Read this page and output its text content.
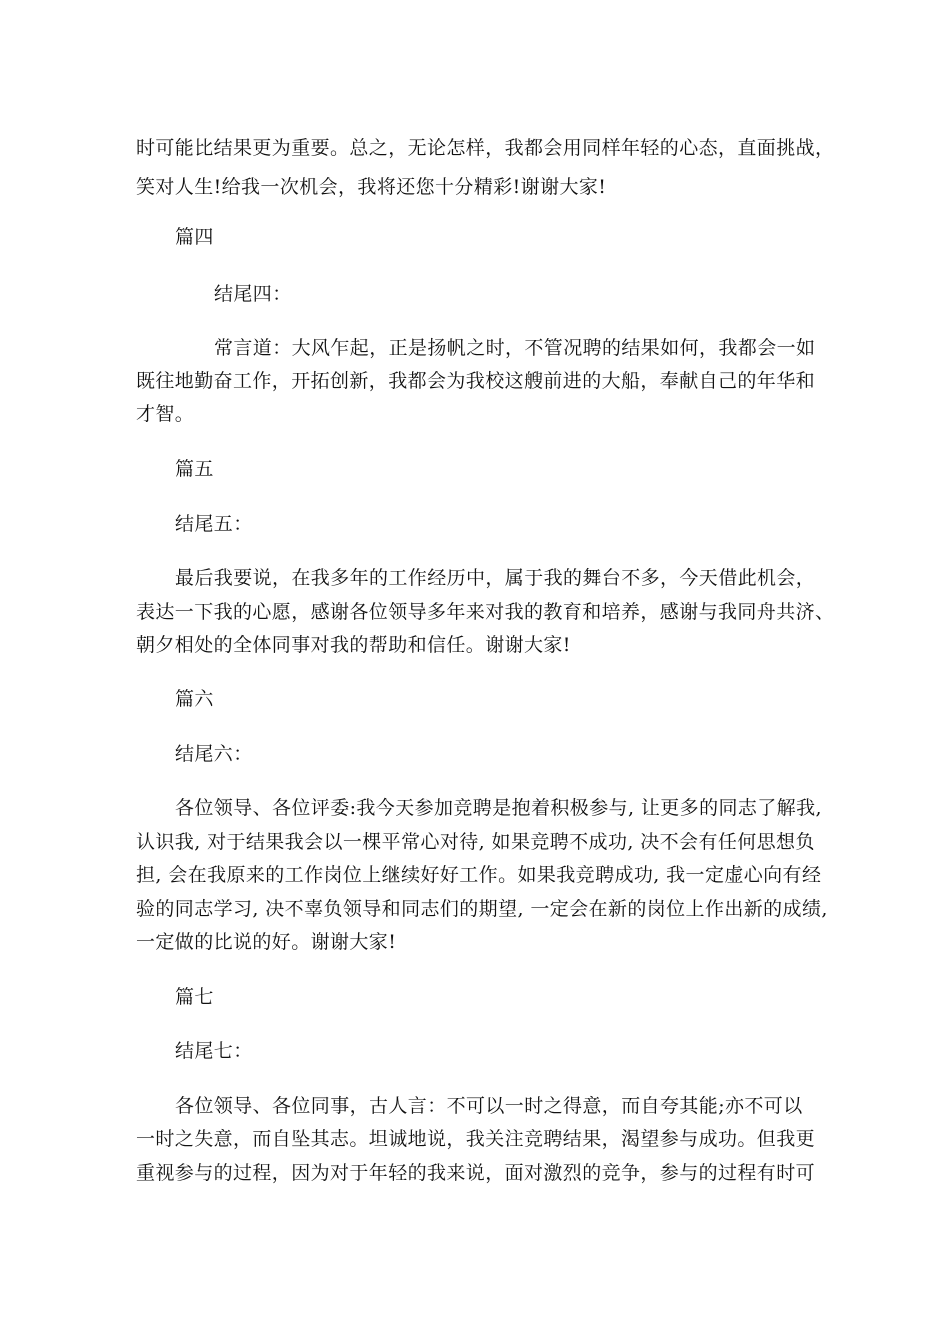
时可能比结果更为重要。总之，无论怎样，我都会用同样年轻的心态，直面挑战，
笑对人生!给我一次机会，我将还您十分精彩!谢谢大家!
篇四
结尾四：
常言道：大风乍起，正是扬帆之时，不管况聘的结果如何，我都会一如
既往地勤奋工作，开拓创新，我都会为我校这艘前进的大船，奉献自己的年华和
才智。
篇五
结尾五：
最后我要说，在我多年的工作经历中，属于我的舞台不多，今天借此机会，
表达一下我的心愿，感谢各位领导多年来对我的教育和培养，感谢与我同舟共济、
朝夕相处的全体同事对我的帮助和信任。谢谢大家!
篇六
结尾六：
各位领导、各位评委:我今天参加竞聘是抱着积极参与, 让更多的同志了解我,
认识我, 对于结果我会以一棵平常心对待, 如果竞聘不成功, 决不会有任何思想负
担, 会在我原来的工作岗位上继续好好工作。如果我竞聘成功, 我一定虚心向有经
验的同志学习, 决不辜负领导和同志们的期望, 一定会在新的岗位上作出新的成绩,
一定做的比说的好。谢谢大家!
篇七
结尾七：
各位领导、各位同事，古人言：不可以一时之得意，而自夸其能;亦不可以
一时之失意，而自坠其志。坦诚地说，我关注竞聘结果，渴望参与成功。但我更
重视参与的过程，因为对于年轻的我来说，面对激烈的竞争，参与的过程有时可
